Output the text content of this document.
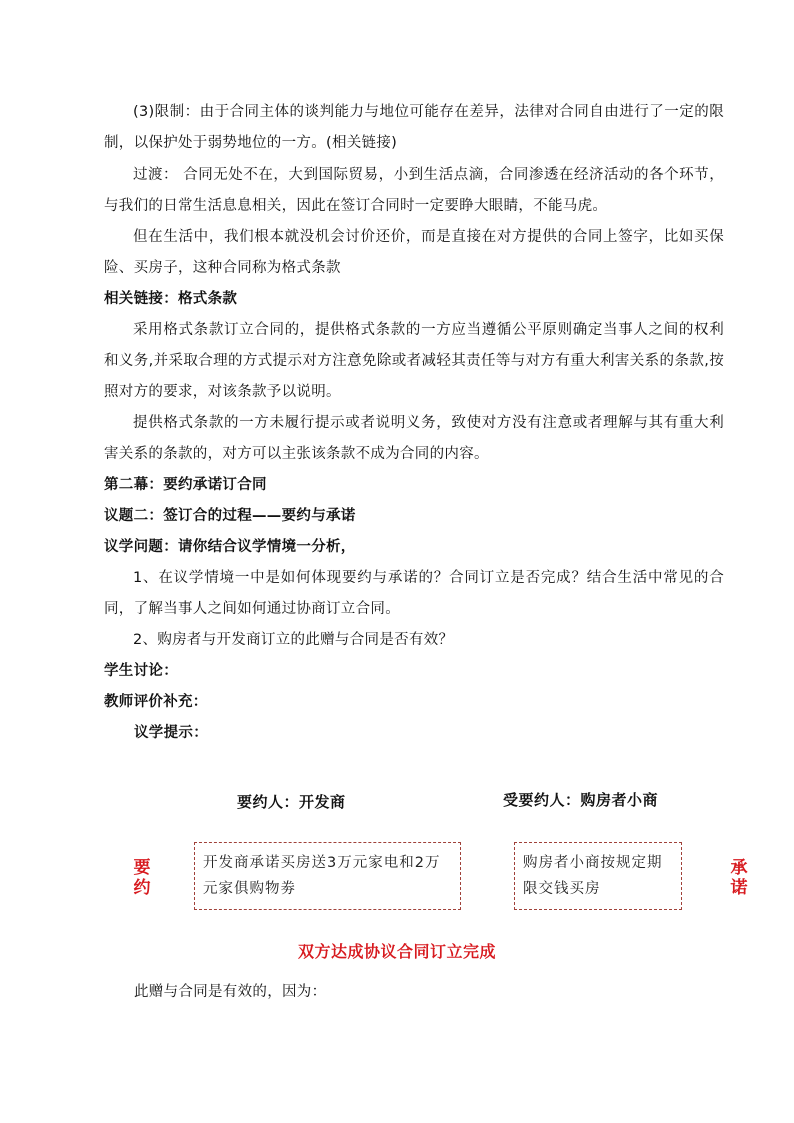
(3)限制：由于合同主体的谈判能力与地位可能存在差异，法律对合同自由进行了一定的限制，以保护处于弱势地位的一方。(相关链接)

过渡： 合同无处不在，大到国际贸易，小到生活点滴，合同渗透在经济活动的各个环节，与我们的日常生活息息相关，因此在签订合同时一定要睁大眼睛，不能马虎。

但在生活中，我们根本就没机会讨价还价，而是直接在对方提供的合同上签字，比如买保险、买房子，这种合同称为格式条款

相关链接：格式条款

采用格式条款订立合同的，提供格式条款的一方应当遵循公平原则确定当事人之间的权利和义务,并采取合理的方式提示对方注意免除或者减轻其责任等与对方有重大利害关系的条款,按照对方的要求，对该条款予以说明。

提供格式条款的一方未履行提示或者说明义务，致使对方没有注意或者理解与其有重大利害关系的条款的，对方可以主张该条款不成为合同的内容。

第二幕：要约承诺订合同

议题二：签订合的过程——要约与承诺

议学问题：请你结合议学情境一分析，

1、在议学情境一中是如何体现要约与承诺的？合同订立是否完成？结合生活中常见的合同，了解当事人之间如何通过协商订立合同。

2、购房者与开发商订立的此赠与合同是否有效？

学生讨论：

教师评价补充：

议学提示：

要约人：开发商	受要约人：购房者小商
要约
承诺
开发商承诺买房送3万元家电和2万元家俱购物劵
购房者小商按规定期限交钱买房
双方达成协议合同订立完成

此赠与合同是有效的，因为：
